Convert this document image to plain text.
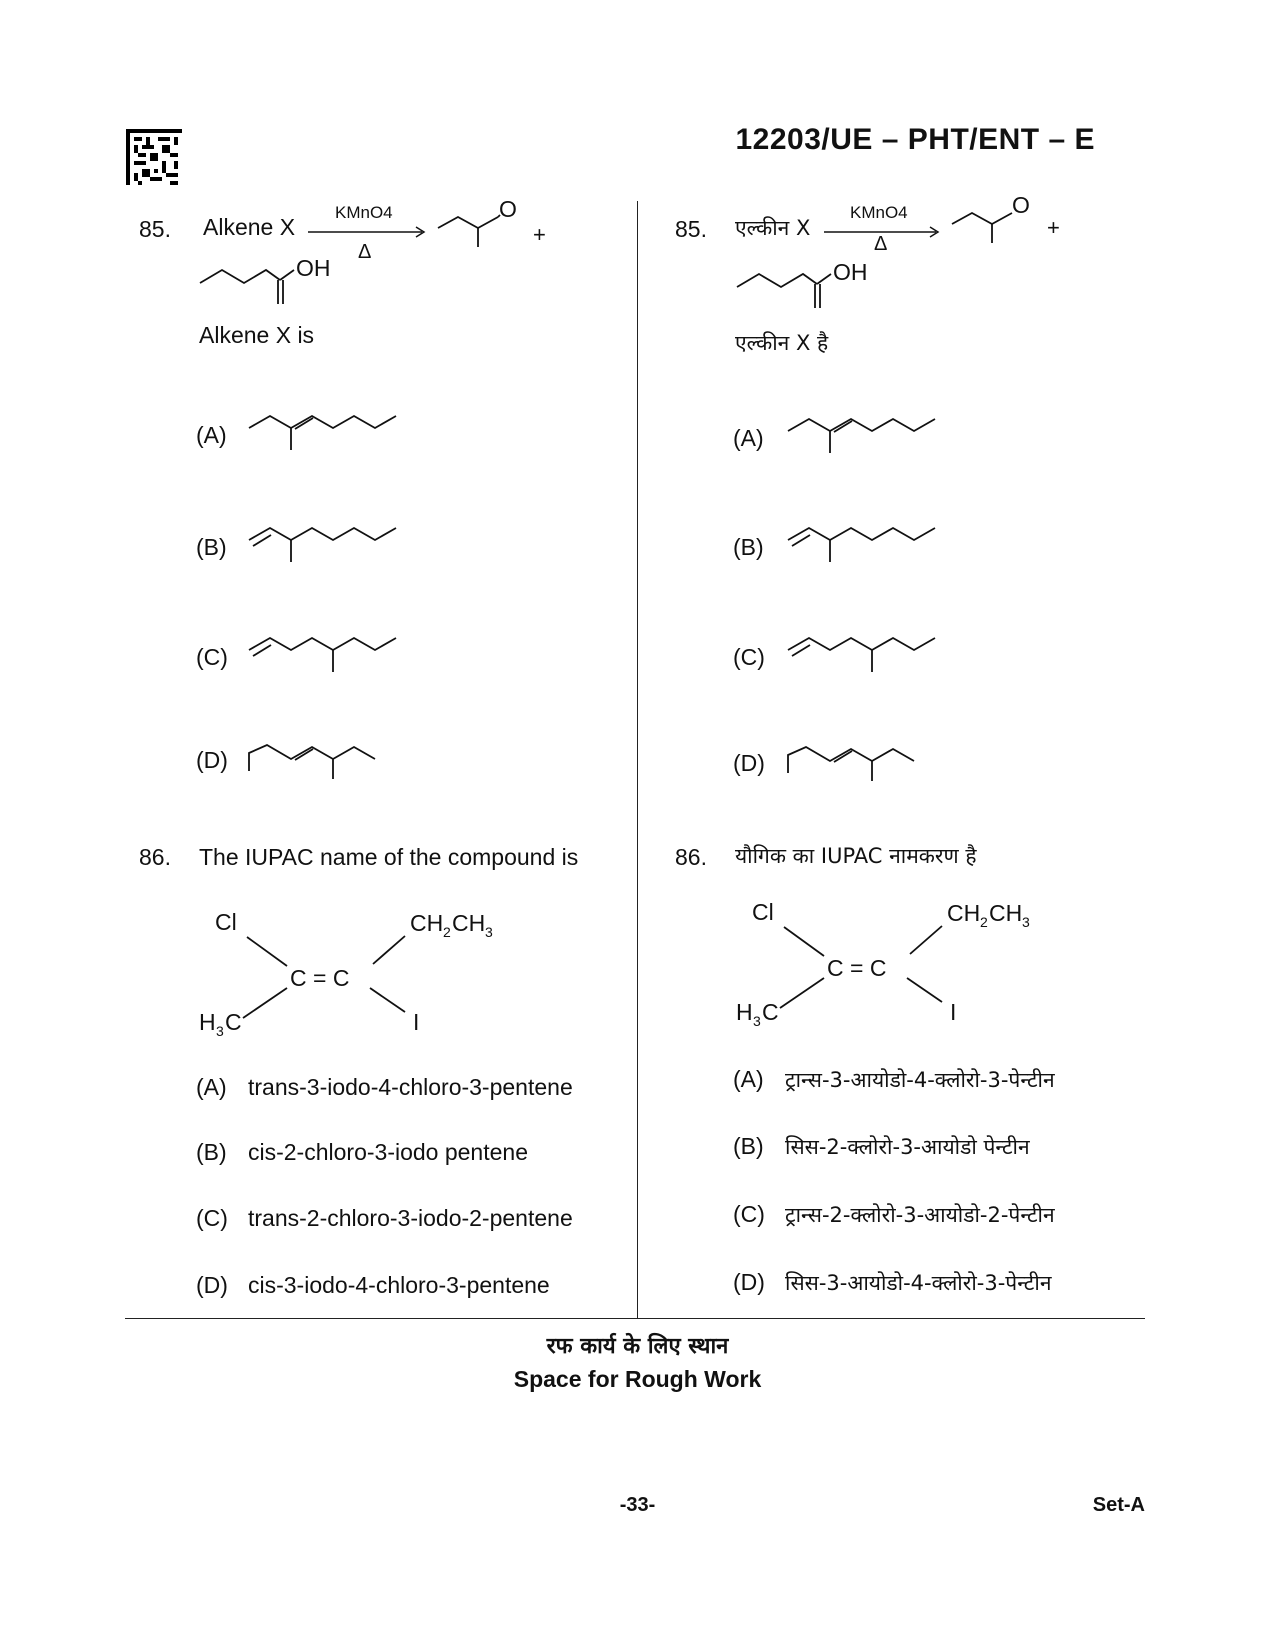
12203/UE – PHT/ENT – E
85. Alkene X
KMnO4
Δ
O
+
OH
Alkene X is
(A)
(B)
(C)
(D)
86. The IUPAC name of the compound is
Cl
C = C
H 3 C
CH 2 CH 3
I
(A) trans-3-iodo-4-chloro-3-pentene
(B) cis-2-chloro-3-iodo pentene
(C) trans-2-chloro-3-iodo-2-pentene
(D) cis-3-iodo-4-chloro-3-pentene
85. एल्कीन X
KMnO4
Δ
O
+
OH
एल्कीन X है
(A)
(B)
(C)
(D)
86. यौगिक का IUPAC नामकरण है
Cl
C = C
H 3 C
CH 2 CH 3
I
(A) ट्रान्स-3-आयोडो-4-क्लोरो-3-पेन्टीन
(B) सिस-2-क्लोरो-3-आयोडो पेन्टीन
(C) ट्रान्स-2-क्लोरो-3-आयोडो-2-पेन्टीन
(D) सिस-3-आयोडो-4-क्लोरो-3-पेन्टीन
रफ कार्य के लिए स्थान
Space for Rough Work
-33-	Set-A
